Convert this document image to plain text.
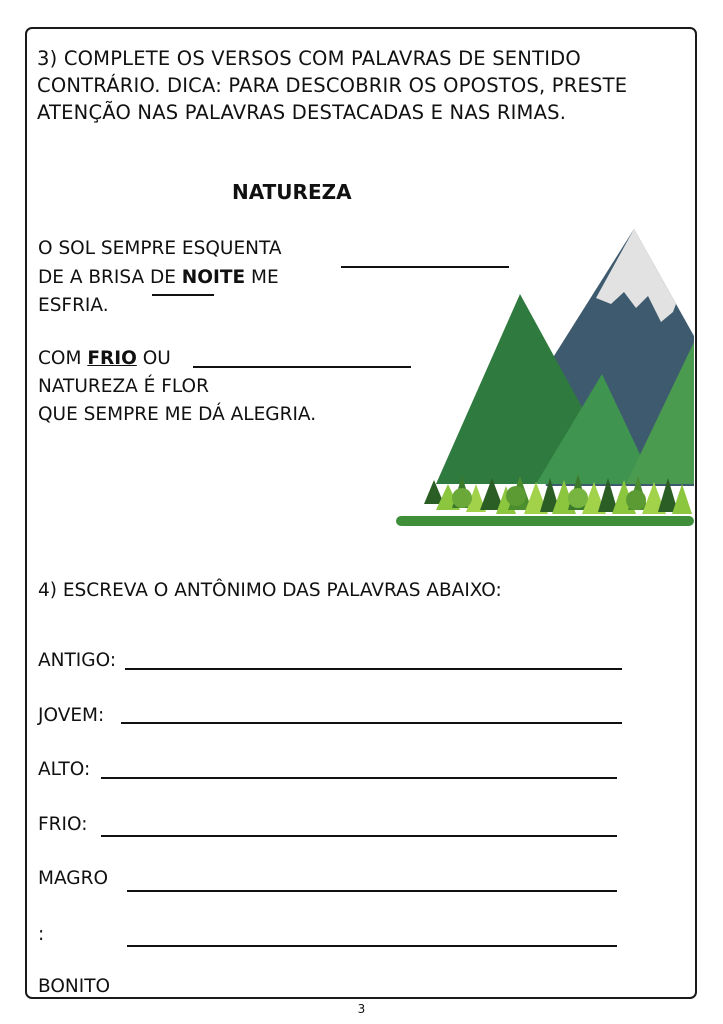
3) COMPLETE OS VERSOS COM PALAVRAS DE SENTIDO
CONTRÁRIO. DICA: PARA DESCOBRIR OS OPOSTOS, PRESTE
ATENÇÃO NAS PALAVRAS DESTACADAS E NAS RIMAS.

NATUREZA

O SOL SEMPRE ESQUENTA

DE A BRISA DE NOITE ME

ESFRIA.

COM FRIO OU

NATUREZA É FLOR

QUE SEMPRE ME DÁ ALEGRIA.

4) ESCREVA O ANTÔNIMO DAS PALAVRAS ABAIXO:

ANTIGO:

JOVEM:

ALTO:

FRIO:

MAGRO

:

BONITO

3
